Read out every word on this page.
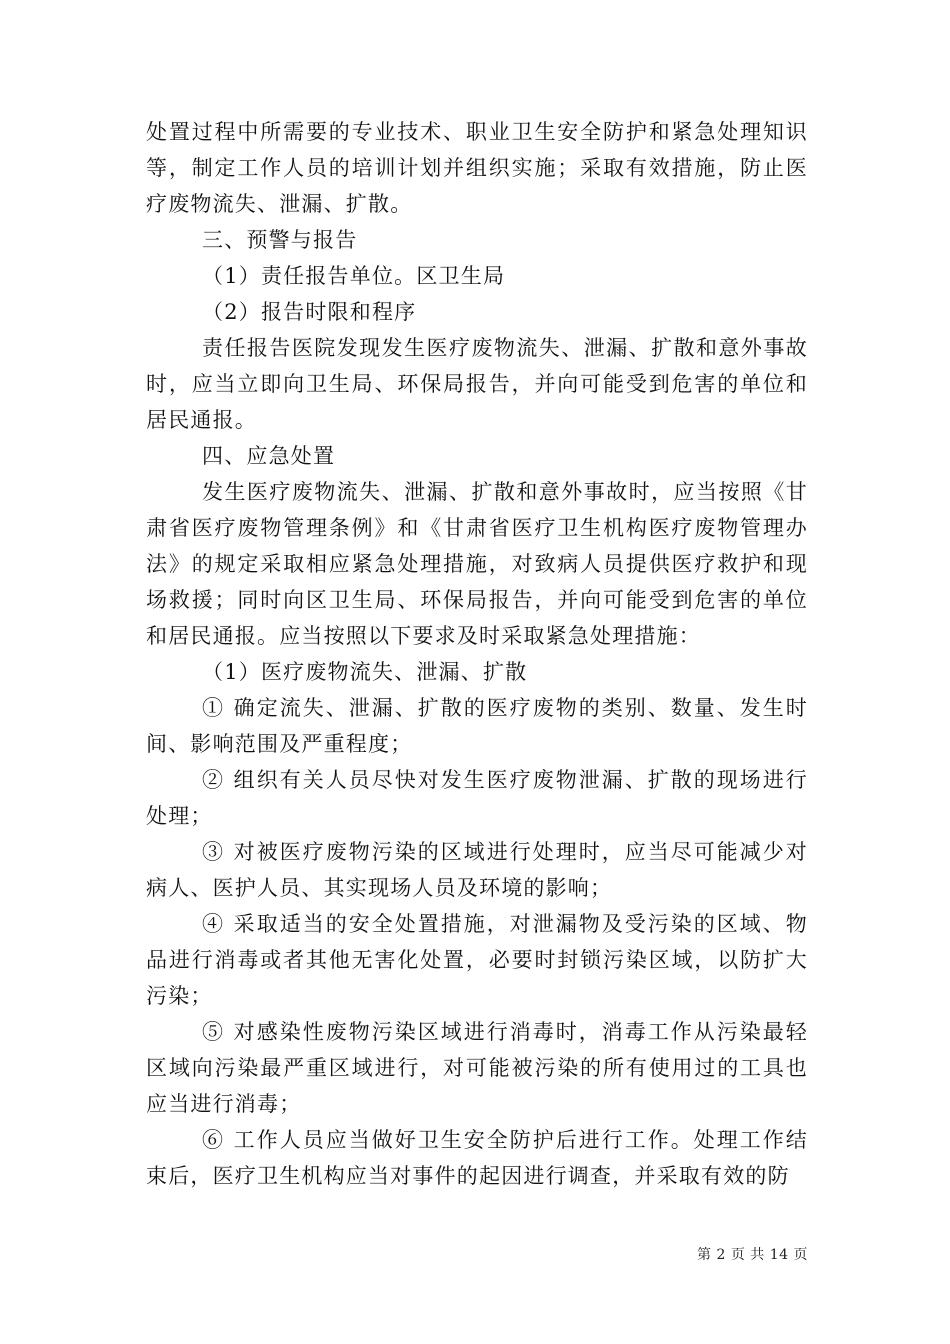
处置过程中所需要的专业技术、职业卫生安全防护和紧急处理知识等，制定工作人员的培训计划并组织实施；采取有效措施，防止医疗废物流失、泄漏、扩散。

三、预警与报告

（1）责任报告单位。区卫生局

（2）报告时限和程序

责任报告医院发现发生医疗废物流失、泄漏、扩散和意外事故时，应当立即向卫生局、环保局报告，并向可能受到危害的单位和居民通报。

四、应急处置

发生医疗废物流失、泄漏、扩散和意外事故时，应当按照《甘肃省医疗废物管理条例》和《甘肃省医疗卫生机构医疗废物管理办法》的规定采取相应紧急处理措施，对致病人员提供医疗救护和现场救援；同时向区卫生局、环保局报告，并向可能受到危害的单位和居民通报。应当按照以下要求及时采取紧急处理措施：

（1）医疗废物流失、泄漏、扩散

① 确定流失、泄漏、扩散的医疗废物的类别、数量、发生时间、影响范围及严重程度；

② 组织有关人员尽快对发生医疗废物泄漏、扩散的现场进行处理；

③ 对被医疗废物污染的区域进行处理时，应当尽可能减少对病人、医护人员、其实现场人员及环境的影响；

④ 采取适当的安全处置措施，对泄漏物及受污染的区域、物品进行消毒或者其他无害化处置，必要时封锁污染区域，以防扩大污染；

⑤ 对感染性废物污染区域进行消毒时，消毒工作从污染最轻区域向污染最严重区域进行，对可能被污染的所有使用过的工具也应当进行消毒；

⑥ 工作人员应当做好卫生安全防护后进行工作。处理工作结束后，医疗卫生机构应当对事件的起因进行调查，并采取有效的防

第 2 页 共 14 页
